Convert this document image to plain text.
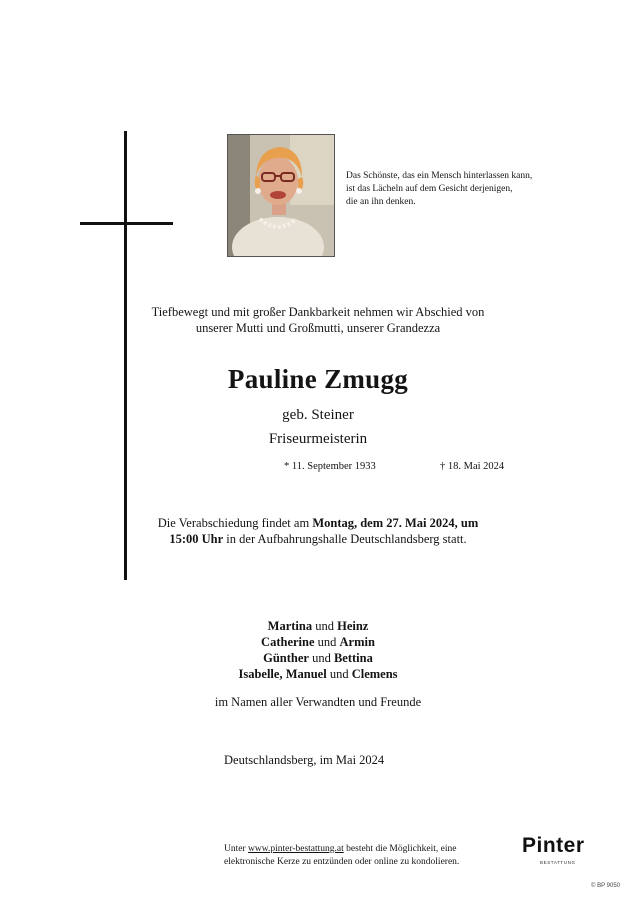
Das Schönste, das ein Mensch hinterlassen kann,
ist das Lächeln auf dem Gesicht derjenigen,
die an ihn denken.
Tiefbewegt und mit großer Dankbarkeit nehmen wir Abschied von
unserer Mutti und Großmutti, unserer Grandezza
Pauline Zmugg
geb. Steiner
Friseurmeisterin
* 11. September 1933	† 18. Mai 2024
Die Verabschiedung findet am Montag, dem 27. Mai 2024, um
15:00 Uhr in der Aufbahrungshalle Deutschlandsberg statt.
Martina und Heinz
Catherine und Armin
Günther und Bettina
Isabelle, Manuel und Clemens
im Namen aller Verwandten und Freunde
Deutschlandsberg, im Mai 2024
Unter www.pinter-bestattung.at besteht die Möglichkeit, eine
elektronische Kerze zu entzünden oder online zu kondolieren.
Pinter
BESTATTUNG
© BP 9050
